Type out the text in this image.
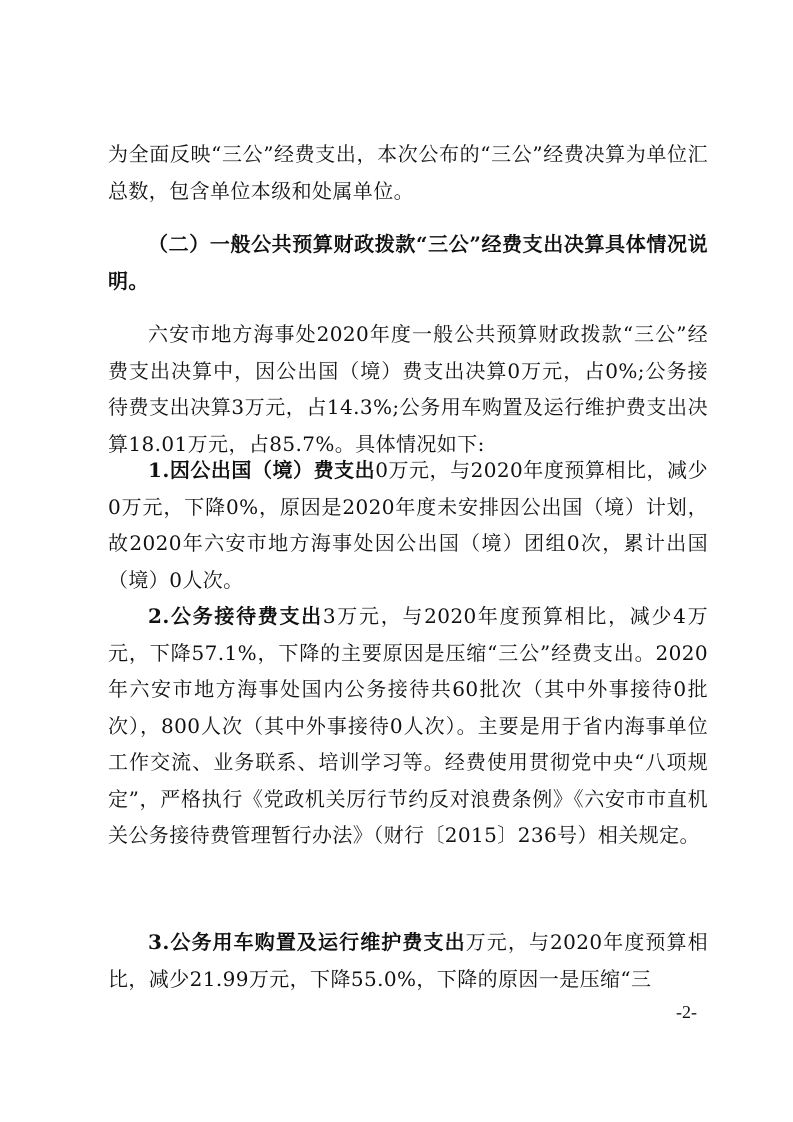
为全面反映“三公”经费支出，本次公布的“三公”经费决算为单位汇总数，包含单位本级和处属单位。

（二）一般公共预算财政拨款“三公”经费支出决算具体情况说明。

六安市地方海事处2020年度一般公共预算财政拨款“三公”经费支出决算中，因公出国（境）费支出决算0万元，占0%;公务接待费支出决算3万元，占14.3%;公务用车购置及运行维护费支出决算18.01万元，占85.7%。具体情况如下:

1.因公出国（境）费支出0万元，与2020年度预算相比，减少0万元，下降0%，原因是2020年度未安排因公出国（境）计划，故2020年六安市地方海事处因公出国（境）团组0次，累计出国（境）0人次。

2.公务接待费支出3万元，与2020年度预算相比，减少4万元，下降57.1%，下降的主要原因是压缩“三公”经费支出。2020年六安市地方海事处国内公务接待共60批次（其中外事接待0批次），800人次（其中外事接待0人次）。主要是用于省内海事单位工作交流、业务联系、培训学习等。经费使用贯彻党中央“八项规定”，严格执行《党政机关厉行节约反对浪费条例》《六安市市直机关公务接待费管理暂行办法》（财行〔2015〕236号）相关规定。

3.公务用车购置及运行维护费支出万元，与2020年度预算相比，减少21.99万元，下降55.0%，下降的原因一是压缩“三

-2-
